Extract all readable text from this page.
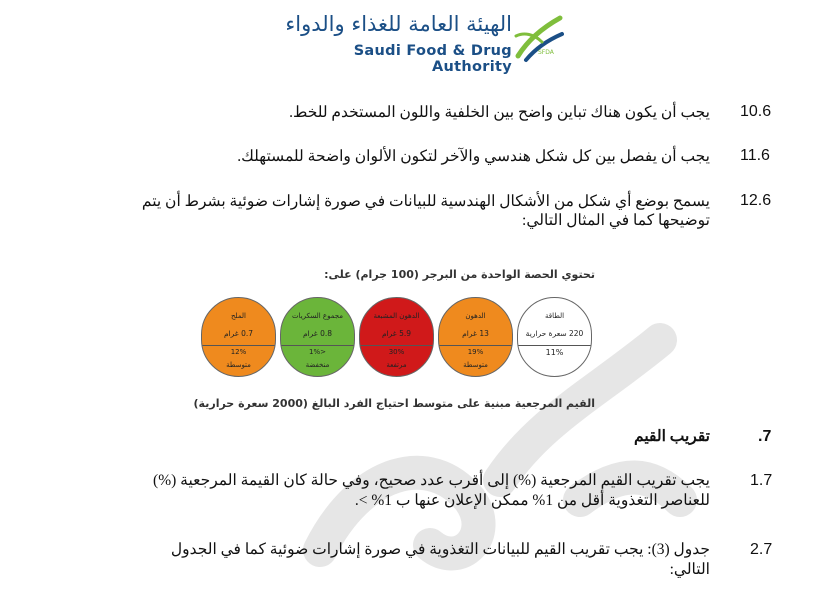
الهيئة العامة للغذاء والدواء
Saudi Food & Drug Authority
SFDA
10.6
يجب أن يكون هناك تباين واضح بين الخلفية واللون المستخدم للخط.
11.6
يجب أن يفصل بين كل شكل هندسي والآخر لتكون الألوان واضحة للمستهلك.
12.6
يسمح بوضع أي شكل من الأشكال الهندسية للبيانات في صورة إشارات ضوئية بشرط أن يتم
توضيحها كما في المثال التالي:
تحتوي الحصة الواحدة من البرجر (100 جرام) على:
الطاقة
220 سعرة حرارية
11%
الدهون
13 غرام
19%
متوسطة
الدهون المشبعة
5.9 غرام
30%
مرتفعة
مجموع السكريات
0.8 غرام
<1%
منخفضة
الملح
0.7 غرام
12%
متوسطة
القيم المرجعية مبنية على متوسط احتياج الفرد البالغ (2000 سعرة حرارية)
.7
تقريب القيم
1.7
يجب تقريب القيم المرجعية (%) إلى أقرب عدد صحيح، وفي حالة كان القيمة المرجعية (%)
للعناصر التغذوية أقل من 1% ممكن الإعلان عنها ب 1% >.
2.7
جدول (3): يجب تقريب القيم للبيانات التغذوية في صورة إشارات ضوئية كما في الجدول
التالي:
